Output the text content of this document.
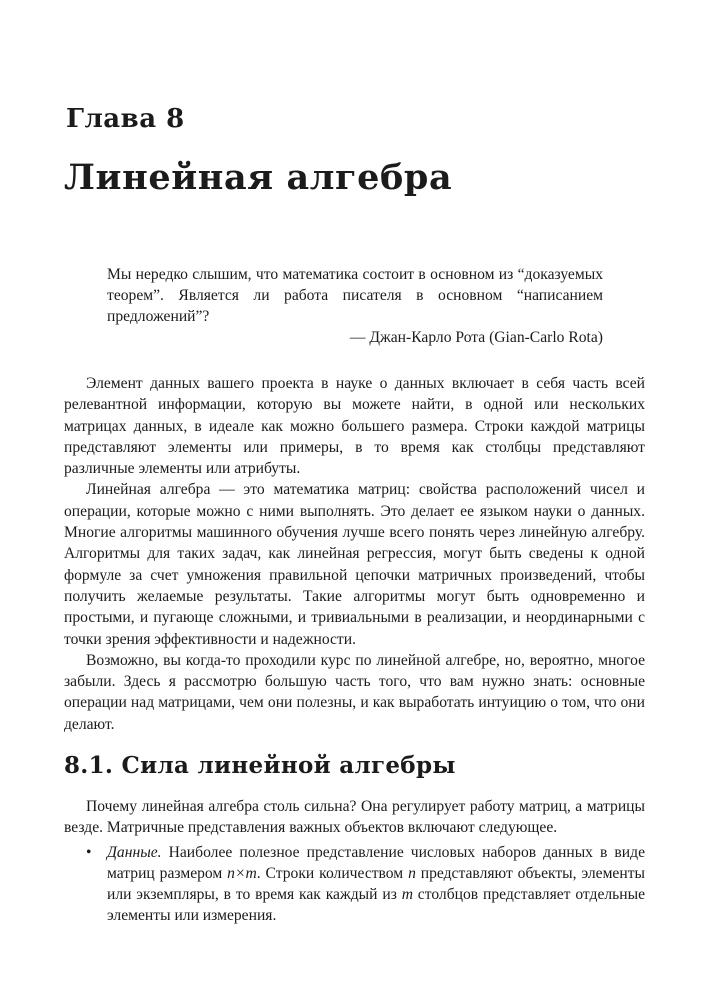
Глава 8
Линейная алгебра

Мы нередко слышим, что математика состоит в основном из “доказуемых теорем”. Является ли работа писателя в основном “написанием предложений”?

— Джан-Карло Рота (Gian-Carlo Rota)

Элемент данных вашего проекта в науке о данных включает в себя часть всей релевантной информации, которую вы можете найти, в одной или нескольких матрицах данных, в идеале как можно большего размера. Строки каждой матрицы представляют элементы или примеры, в то время как столбцы представляют различные элементы или атрибуты.

Линейная алгебра — это математика матриц: свойства расположений чисел и операции, которые можно с ними выполнять. Это делает ее языком науки о данных. Многие алгоритмы машинного обучения лучше всего понять через линейную алгебру. Алгоритмы для таких задач, как линейная регрессия, могут быть сведены к одной формуле за счет умножения правильной цепочки матричных произведений, чтобы получить желаемые результаты. Такие алгоритмы могут быть одновременно и простыми, и пугающе сложными, и тривиальными в реализации, и неординарными с точки зрения эффективности и надежности.

Возможно, вы когда-то проходили курс по линейной алгебре, но, вероятно, многое забыли. Здесь я рассмотрю большую часть того, что вам нужно знать: основные операции над матрицами, чем они полезны, и как выработать интуицию о том, что они делают.

8.1. Сила линейной алгебры

Почему линейная алгебра столь сильна? Она регулирует работу матриц, а матрицы везде. Матричные представления важных объектов включают следующее.

• Данные. Наиболее полезное представление числовых наборов данных в виде матриц размером n×m. Строки количеством n представляют объекты, элементы или экземпляры, в то время как каждый из m столбцов представляет отдельные элементы или измерения.
